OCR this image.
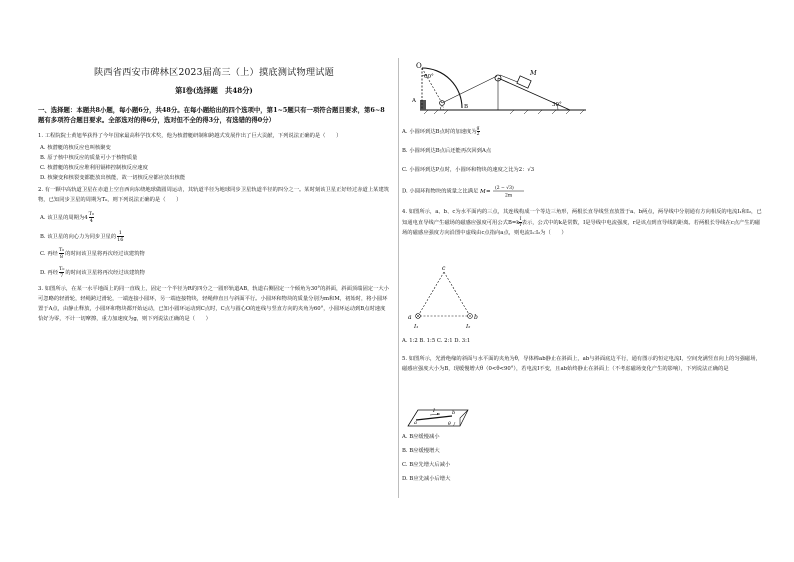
陕西省西安市碑林区2023届高三（上）摸底测试物理试题
第Ⅰ卷(选择题　共48分)
一、选择题：本题共8小题，每小题6分，共48分。在每小题给出的四个选项中，第1~5题只有一项符合题目要求，第6~8题有多项符合题目要求。全部选对的得6分，选对但不全的得3分，有选错的得0分）
1. 工程院院士黄旭华获得了今年国家最高科学技术奖，他为核潜艇研制和跨越式发展作出了巨大贡献，下列说法正确的是（　　）
A. 核潜艇的核反应也叫核聚变
B. 原子核中核反应的质量可小于核物质量
C. 核潜艇的核反应堆利用镉棒控制核反应速度
D. 核聚变和核裂变都能放出核能，故一切核反应都应放出核能
2. 有一颗中高轨道卫星在赤道上空自西向东绕地球做圆周运动，其轨道半径为地球同步卫星轨道半径的四分之一。某时刻该卫星正好经过赤道上某建筑物，已知同步卫星的周期为T₀，则下列说法正确的是（　　）
A. 该卫星的周期为$4 \frac{\text{T₀}}{4}$
B. 该卫星的向心力为同步卫星的 $\frac{1}{16}$
C. 再经 $\frac{\text{T₀}}{8}$ 的时间该卫星将再次经过该建筑物
D. 再经 $\frac{\text{T₀}}{7}$ 的时间该卫星将再次经过该建筑物
3. 如图所示，在某一水平地面上的同一直线上，固定一个半径为R的四分之一圆形轨道AB，轨道右侧固定一个倾角为30°的斜面，斜面顶端固定一大小可忽略的轻滑轮，轻绳跨过滑轮，一端连接小圆环，另一端连接物块，轻绳伸直且与斜面平行。小圆环和物块的质量分别为m和M，初始时，将小圆环置于A点，由静止释放，小圆环和物块都开始运动，已知小圆环运动到C点时，C点与圆心O的连线与竖直方向的夹角为60°，小圆环运动到B点时速度恰好为零，不计一切摩擦，重力加速度为g，则下列说法正确的是（　　）
O
60°	M
30°
A
C	B
A. 小圆环到达B点时的加速度为 $\frac{g}{2}$
B. 小圆环到达B点后还能再次回到A点
C. 小圆环到达P点时，小圆环和物块的速度之比为2：√3
D. 小圆环和物块的质量之比满足 M =
(2 − √3)
2m
4. 如图所示，a、b、c为水平面内的三点，其连线构成一个等边三角形，两根长直导线竖直放置于a、b两点，两导线中分别通有方向相反的电流I₁和I₂，已知通电直导线产生磁场的磁感应强度可用公式$B=k \frac{I}{r}$ 表示，公式中的k是常数，I是导线中电流强度，r是该点到直导线的距离。若两根长导线在c点产生的磁场的磁感应强度方向沿图中虚线由c点指向a点，则电流I₁:I₂为（　　）
c
a	b
I₁	I₂
A. 1:2 B. 1:5 C. 2:1 D. 3:1
5. 如图所示，光滑绝缘的斜面与水平面的夹角为θ，导体棒ab静止在斜面上，ab与斜面底边平行，通有图示的恒定电流I，空间充满竖直向上的匀强磁场，磁感应强度大小为B，现缓慢增大θ（0<θ<90°），若电流I不变，且ab始终静止在斜面上（不考虑磁场变化产生的影响），下列说法正确的是
a
b
I
θ
A. B应缓慢减小
B. B应缓慢增大
C. B应先增大后减小
D. B应先减小后增大
